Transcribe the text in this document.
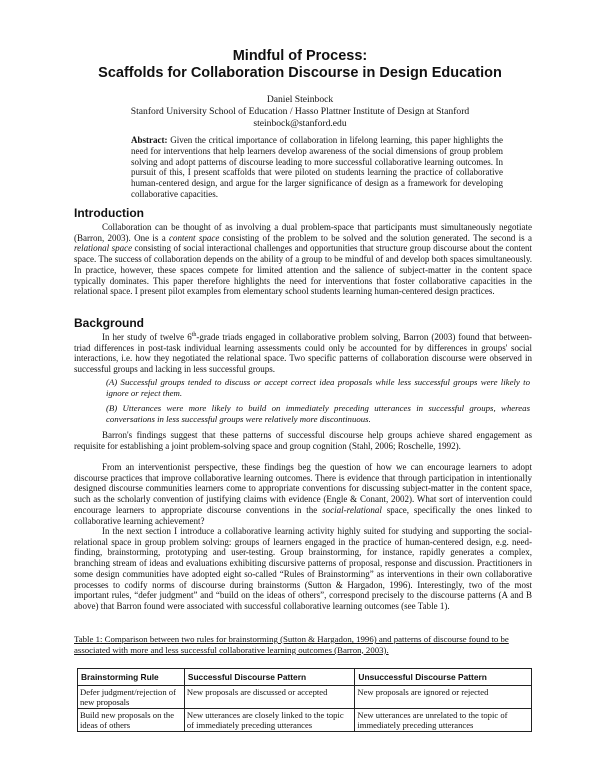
Mindful of Process:
Scaffolds for Collaboration Discourse in Design Education
Daniel Steinbock
Stanford University School of Education / Hasso Plattner Institute of Design at Stanford
steinbock@stanford.edu

Abstract: Given the critical importance of collaboration in lifelong learning, this paper highlights the need for interventions that help learners develop awareness of the social dimensions of group problem solving and adopt patterns of discourse leading to more successful collaborative learning outcomes. In pursuit of this, I present scaffolds that were piloted on students learning the practice of collaborative human-centered design, and argue for the larger significance of design as a framework for developing collaborative capacities.

Introduction

Collaboration can be thought of as involving a dual problem-space that participants must simultaneously negotiate (Barron, 2003). One is a content space consisting of the problem to be solved and the solution generated. The second is a relational space consisting of social interactional challenges and opportunities that structure group discourse about the content space. The success of collaboration depends on the ability of a group to be mindful of and develop both spaces simultaneously. In practice, however, these spaces compete for limited attention and the salience of subject-matter in the content space typically dominates. This paper therefore highlights the need for interventions that foster collaborative capacities in the relational space. I present pilot examples from elementary school students learning human-centered design practices.

Background

In her study of twelve 6th-grade triads engaged in collaborative problem solving, Barron (2003) found that between-triad differences in post-task individual learning assessments could only be accounted for by differences in groups' social interactions, i.e. how they negotiated the relational space. Two specific patterns of collaboration discourse were observed in successful groups and lacking in less successful groups.

(A) Successful groups tended to discuss or accept correct idea proposals while less successful groups were likely to ignore or reject them.

(B) Utterances were more likely to build on immediately preceding utterances in successful groups, whereas conversations in less successful groups were relatively more discontinuous.

Barron's findings suggest that these patterns of successful discourse help groups achieve shared engagement as requisite for establishing a joint problem-solving space and group cognition (Stahl, 2006; Roschelle, 1992).

From an interventionist perspective, these findings beg the question of how we can encourage learners to adopt discourse practices that improve collaborative learning outcomes. There is evidence that through participation in intentionally designed discourse communities learners come to appropriate conventions for discussing subject-matter in the content space, such as the scholarly convention of justifying claims with evidence (Engle & Conant, 2002). What sort of intervention could encourage learners to appropriate discourse conventions in the social-relational space, specifically the ones linked to collaborative learning achievement?

In the next section I introduce a collaborative learning activity highly suited for studying and supporting the social-relational space in group problem solving: groups of learners engaged in the practice of human-centered design, e.g. need-finding, brainstorming, prototyping and user-testing. Group brainstorming, for instance, rapidly generates a complex, branching stream of ideas and evaluations exhibiting discursive patterns of proposal, response and discussion. Practitioners in some design communities have adopted eight so-called “Rules of Brainstorming” as interventions in their own collaborative processes to codify norms of discourse during brainstorms (Sutton & Hargadon, 1996). Interestingly, two of the most important rules, “defer judgment” and “build on the ideas of others”, correspond precisely to the discourse patterns (A and B above) that Barron found were associated with successful collaborative learning outcomes (see Table 1).

Table 1: Comparison between two rules for brainstorming (Sutton & Hargadon, 1996) and patterns of discourse found to be associated with more and less successful collaborative learning outcomes (Barron, 2003).

Brainstorming Rule	Successful Discourse Pattern	Unsuccessful Discourse Pattern
Defer judgment/rejection of new proposals	New proposals are discussed or accepted	New proposals are ignored or rejected
Build new proposals on the ideas of others	New utterances are closely linked to the topic of immediately preceding utterances	New utterances are unrelated to the topic of immediately preceding utterances
